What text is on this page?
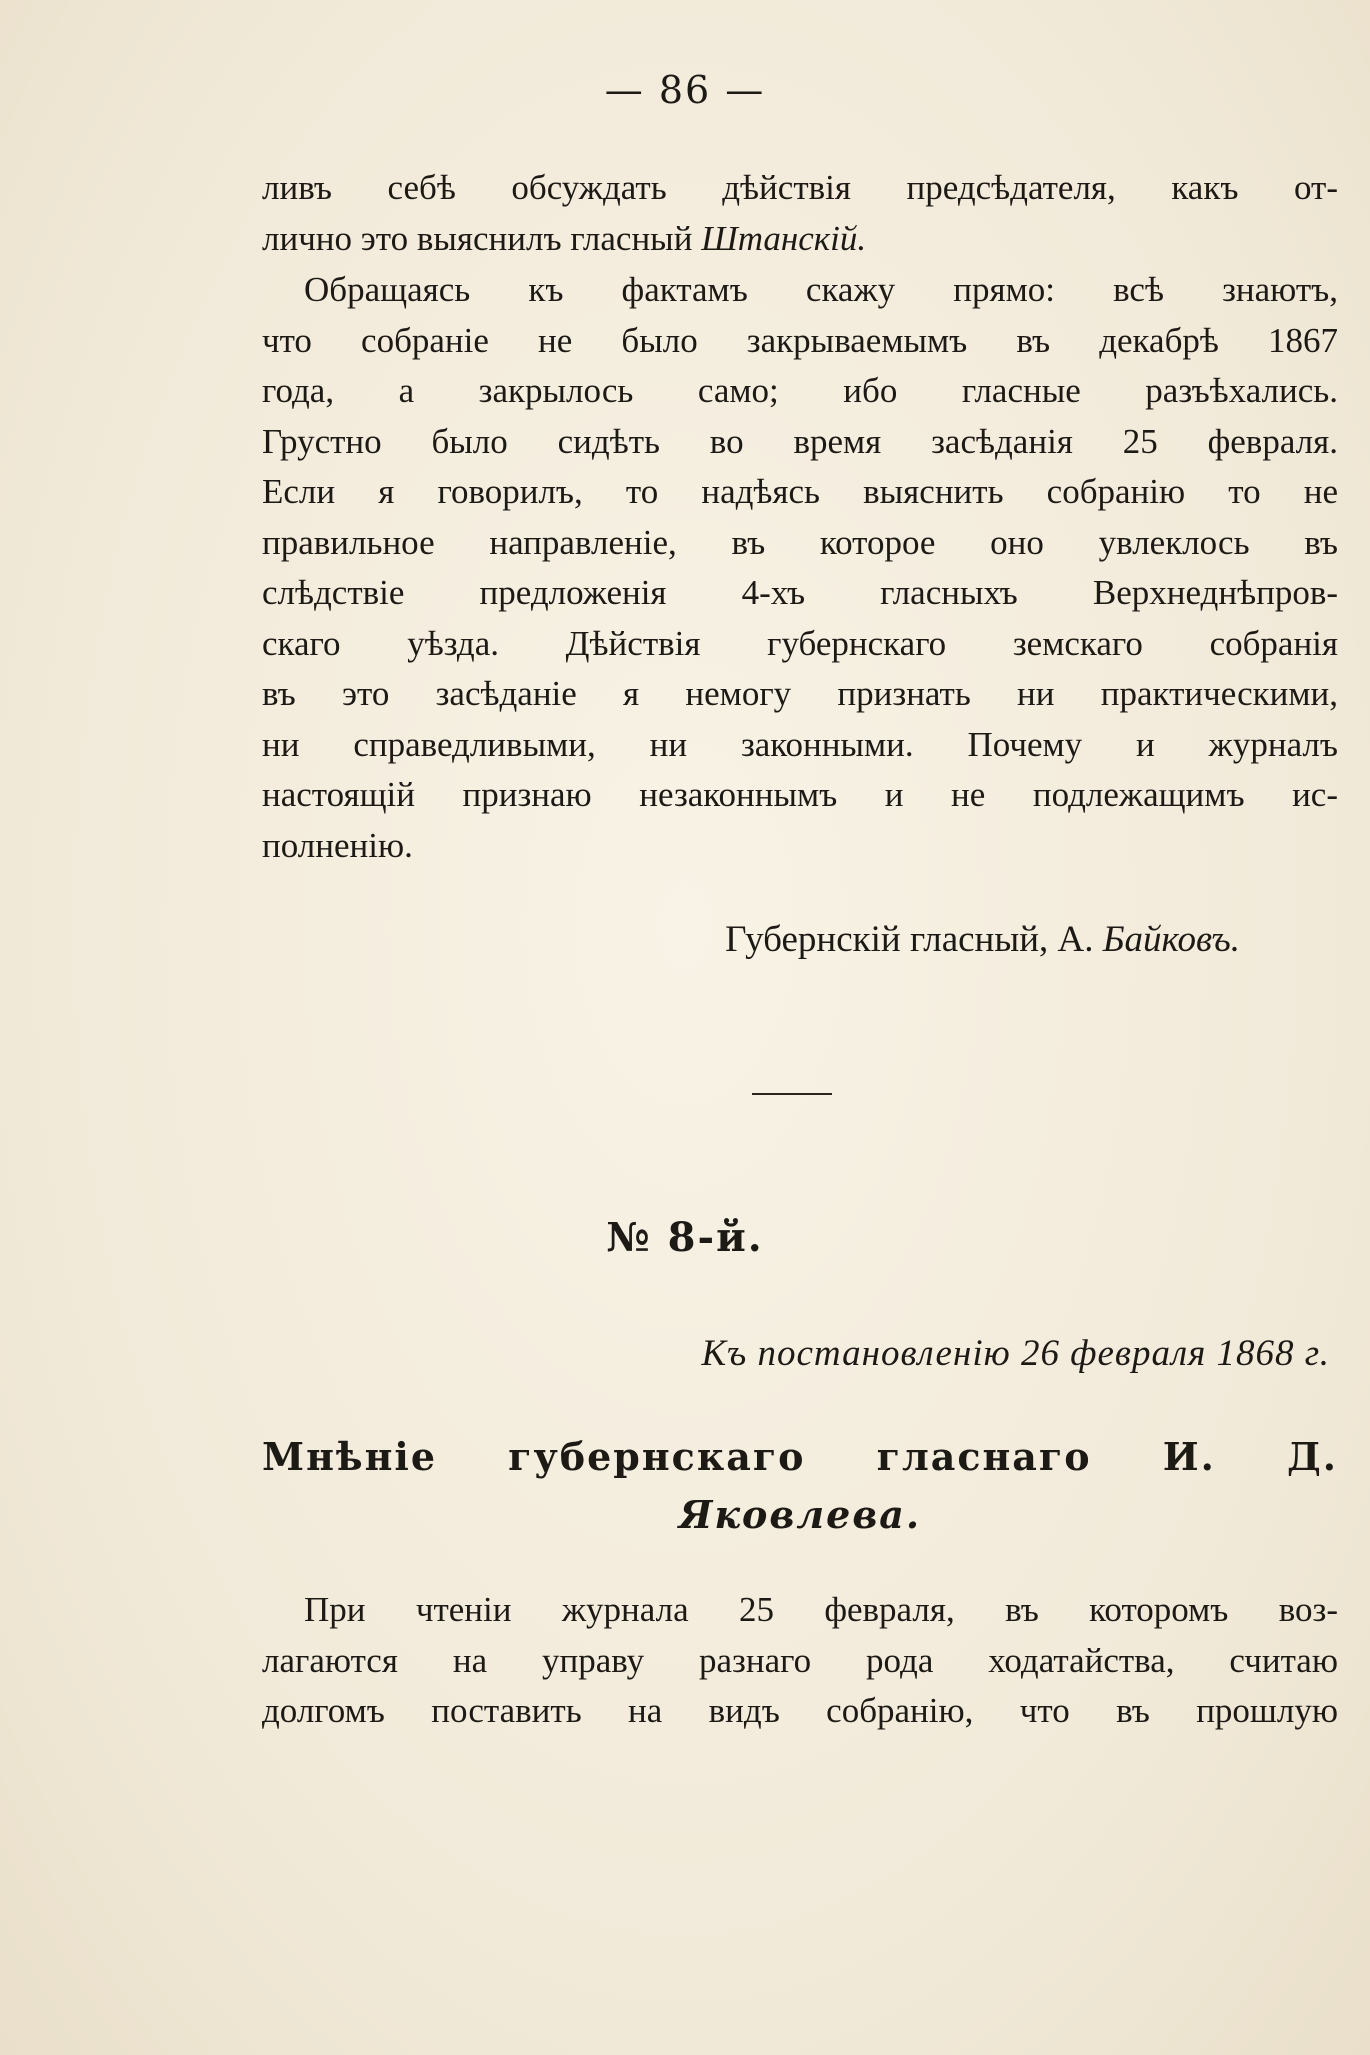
— 86 —
ливъ себѣ обсуждать дѣйствія предсѣдателя, какъ от-
лично это выяснилъ гласный Штанскій.
Обращаясь къ фактамъ скажу прямо: всѣ знаютъ,
что собраніе не было закрываемымъ въ декабрѣ 1867
года, а закрылось само; ибо гласные разъѣхались.
Грустно было сидѣть во время засѣданія 25 февраля.
Если я говорилъ, то надѣясь выяснить собранію то не
правильное направленіе, въ которое оно увлеклось въ
слѣдствіе предложенія 4-хъ гласныхъ Верхнеднѣпров-
скаго уѣзда. Дѣйствія губернскаго земскаго собранія
въ это засѣданіе я немогу признать ни практическими,
ни справедливыми, ни законными. Почему и журналъ
настоящій признаю незаконнымъ и не подлежащимъ ис-
полненію.
Губернскій гласный, А. Байковъ.
№ 8-й.
Къ постановленію 26 февраля 1868 г.
Мнѣніе губернскаго гласнаго И. Д.
Яковлева.
При чтеніи журнала 25 февраля, въ которомъ воз-
лагаются на управу разнаго рода ходатайства, считаю
долгомъ поставить на видъ собранію, что въ прошлую
